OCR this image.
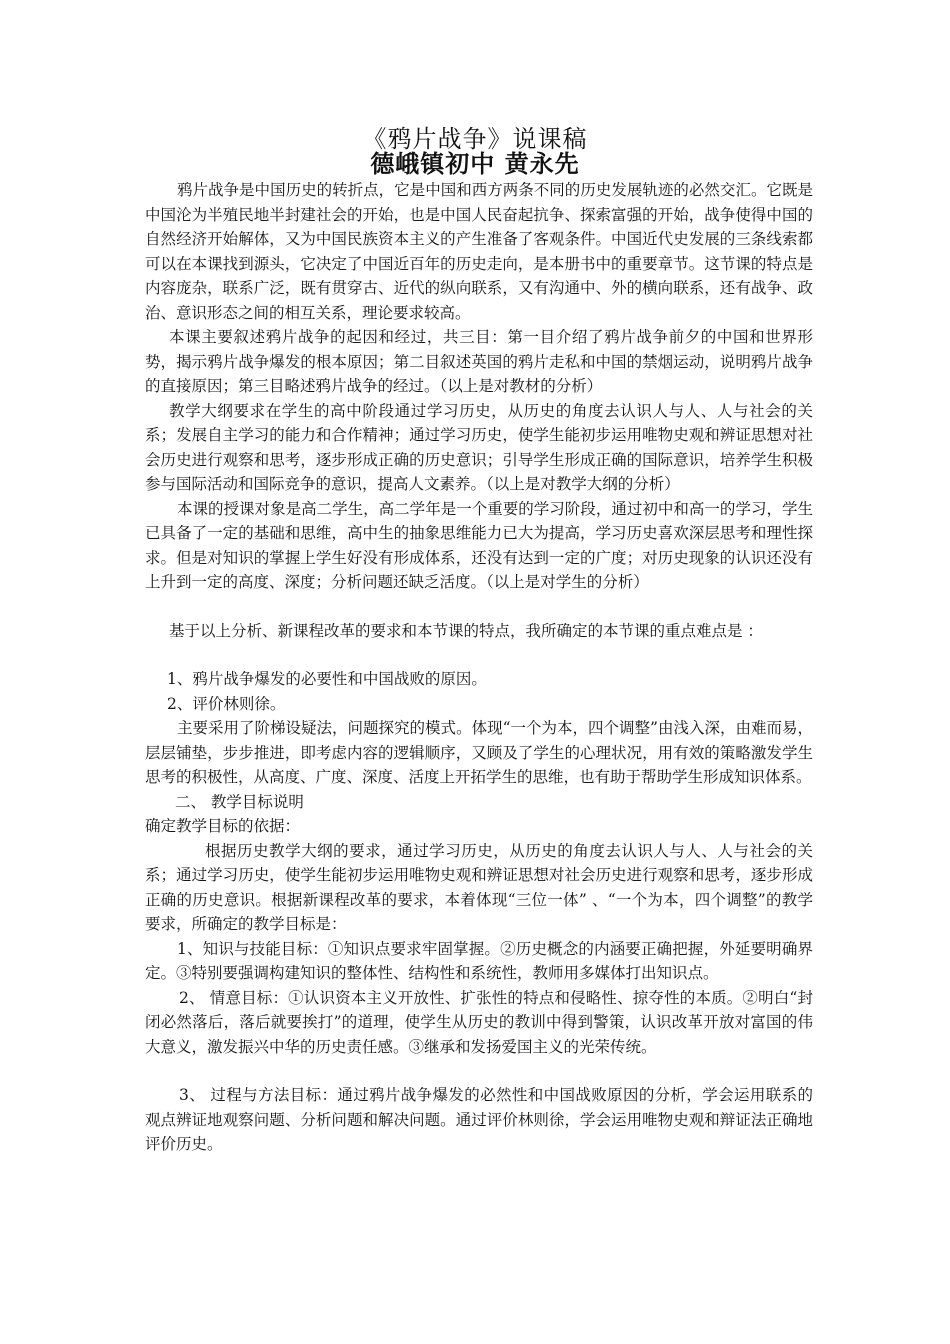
《鸦片战争》说课稿
德峨镇初中 黄永先

鸦片战争是中国历史的转折点，它是中国和西方两条不同的历史发展轨迹的必然交汇。它既是中国沦为半殖民地半封建社会的开始，也是中国人民奋起抗争、探索富强的开始，战争使得中国的自然经济开始解体，又为中国民族资本主义的产生准备了客观条件。中国近代史发展的三条线索都可以在本课找到源头，它决定了中国近百年的历史走向，是本册书中的重要章节。这节课的特点是内容庞杂，联系广泛，既有贯穿古、近代的纵向联系，又有沟通中、外的横向联系，还有战争、政治、意识形态之间的相互关系，理论要求较高。

本课主要叙述鸦片战争的起因和经过，共三目：第一目介绍了鸦片战争前夕的中国和世界形势，揭示鸦片战争爆发的根本原因；第二目叙述英国的鸦片走私和中国的禁烟运动，说明鸦片战争的直接原因；第三目略述鸦片战争的经过。（以上是对教材的分析）

教学大纲要求在学生的高中阶段通过学习历史，从历史的角度去认识人与人、人与社会的关系；发展自主学习的能力和合作精神；通过学习历史，使学生能初步运用唯物史观和辨证思想对社会历史进行观察和思考，逐步形成正确的历史意识；引导学生形成正确的国际意识，培养学生积极参与国际活动和国际竞争的意识，提高人文素养。（以上是对教学大纲的分析）

本课的授课对象是高二学生，高二学年是一个重要的学习阶段，通过初中和高一的学习，学生已具备了一定的基础和思维，高中生的抽象思维能力已大为提高，学习历史喜欢深层思考和理性探求。但是对知识的掌握上学生好没有形成体系，还没有达到一定的广度；对历史现象的认识还没有上升到一定的高度、深度；分析问题还缺乏活度。（以上是对学生的分析）

基于以上分析、新课程改革的要求和本节课的特点，我所确定的本节课的重点难点是 ：

1、鸦片战争爆发的必要性和中国战败的原因。

2、评价林则徐。

主要采用了阶梯设疑法，问题探究的模式。体现“一个为本，四个调整”由浅入深，由难而易，层层铺垫，步步推进，即考虑内容的逻辑顺序，又顾及了学生的心理状况，用有效的策略激发学生思考的积极性，从高度、广度、深度、活度上开拓学生的思维，也有助于帮助学生形成知识体系。

二、 教学目标说明

确定教学目标的依据：

根据历史教学大纲的要求，通过学习历史，从历史的角度去认识人与人、人与社会的关系；通过学习历史，使学生能初步运用唯物史观和辨证思想对社会历史进行观察和思考，逐步形成正确的历史意识。根据新课程改革的要求，本着体现“三位一体” 、“一个为本，四个调整”的教学要求，所确定的教学目标是：

1、知识与技能目标：①知识点要求牢固掌握。②历史概念的内涵要正确把握，外延要明确界定。③特别要强调构建知识的整体性、结构性和系统性，教师用多媒体打出知识点。

2、 情意目标：①认识资本主义开放性、扩张性的特点和侵略性、掠夺性的本质。②明白“封闭必然落后，落后就要挨打”的道理，使学生从历史的教训中得到警策，认识改革开放对富国的伟大意义，激发振兴中华的历史责任感。③继承和发扬爱国主义的光荣传统。

3、 过程与方法目标：通过鸦片战争爆发的必然性和中国战败原因的分析，学会运用联系的观点辨证地观察问题、分析问题和解决问题。通过评价林则徐，学会运用唯物史观和辩证法正确地评价历史。
